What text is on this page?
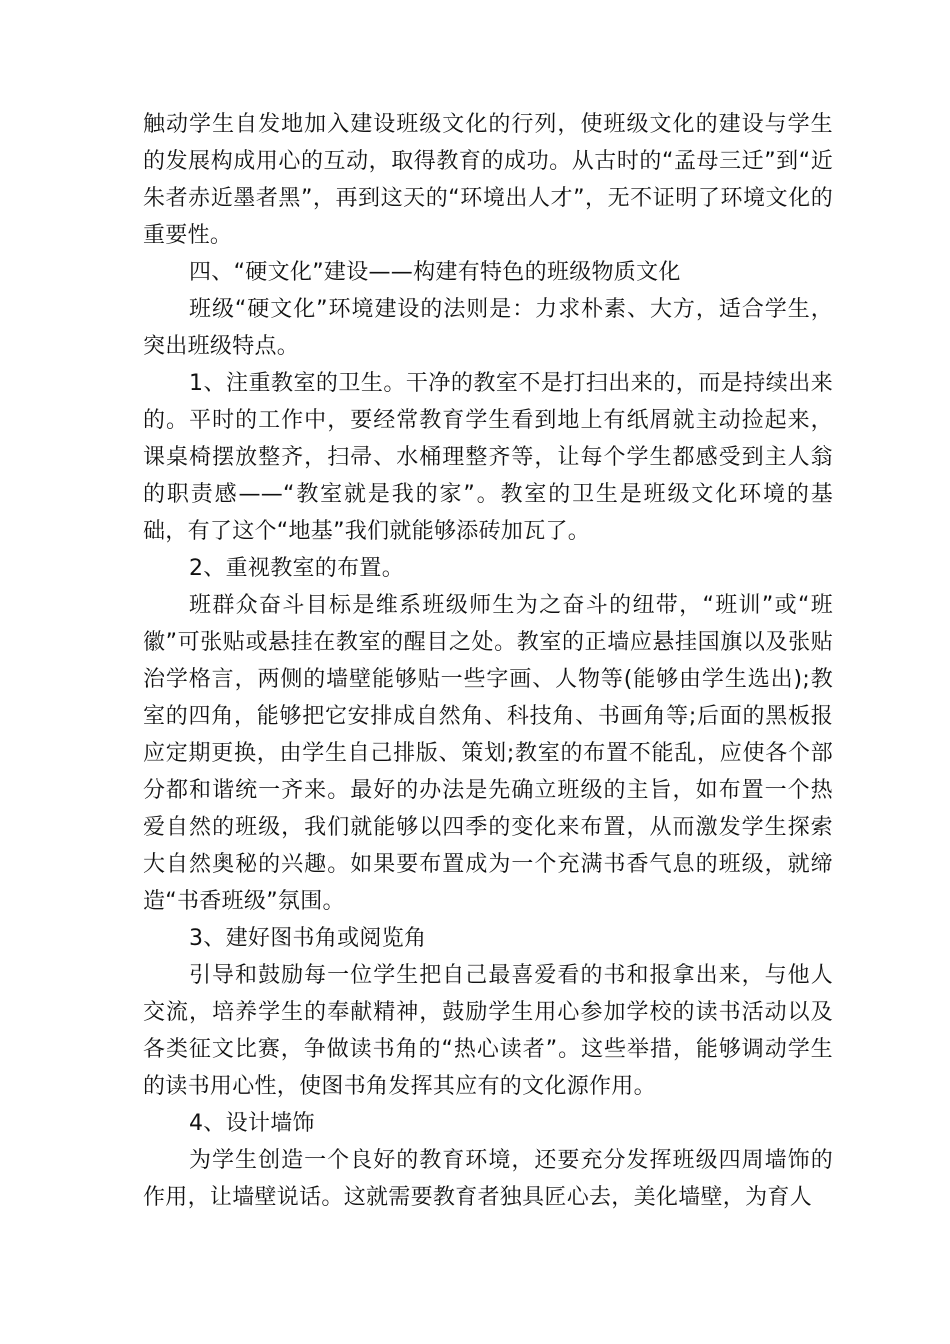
触动学生自发地加入建设班级文化的行列，使班级文化的建设与学生的发展构成用心的互动，取得教育的成功。从古时的“孟母三迁”到“近朱者赤近墨者黑”，再到这天的“环境出人才”，无不证明了环境文化的重要性。

四、“硬文化”建设——构建有特色的班级物质文化

班级“硬文化”环境建设的法则是：力求朴素、大方，适合学生，突出班级特点。

1、注重教室的卫生。干净的教室不是打扫出来的，而是持续出来的。平时的工作中，要经常教育学生看到地上有纸屑就主动捡起来，课桌椅摆放整齐，扫帚、水桶理整齐等，让每个学生都感受到主人翁的职责感——“教室就是我的家”。教室的卫生是班级文化环境的基础，有了这个“地基”我们就能够添砖加瓦了。

2、重视教室的布置。

班群众奋斗目标是维系班级师生为之奋斗的纽带，“班训”或“班徽”可张贴或悬挂在教室的醒目之处。教室的正墙应悬挂国旗以及张贴治学格言，两侧的墙壁能够贴一些字画、人物等(能够由学生选出);教室的四角，能够把它安排成自然角、科技角、书画角等;后面的黑板报应定期更换，由学生自己排版、策划;教室的布置不能乱，应使各个部分都和谐统一齐来。最好的办法是先确立班级的主旨，如布置一个热爱自然的班级，我们就能够以四季的变化来布置，从而激发学生探索大自然奥秘的兴趣。如果要布置成为一个充满书香气息的班级，就缔造“书香班级”氛围。

3、建好图书角或阅览角

引导和鼓励每一位学生把自己最喜爱看的书和报拿出来，与他人交流，培养学生的奉献精神，鼓励学生用心参加学校的读书活动以及各类征文比赛，争做读书角的“热心读者”。这些举措，能够调动学生的读书用心性，使图书角发挥其应有的文化源作用。

4、设计墙饰

为学生创造一个良好的教育环境，还要充分发挥班级四周墙饰的作用，让墙壁说话。这就需要教育者独具匠心去，美化墙壁，为育人
